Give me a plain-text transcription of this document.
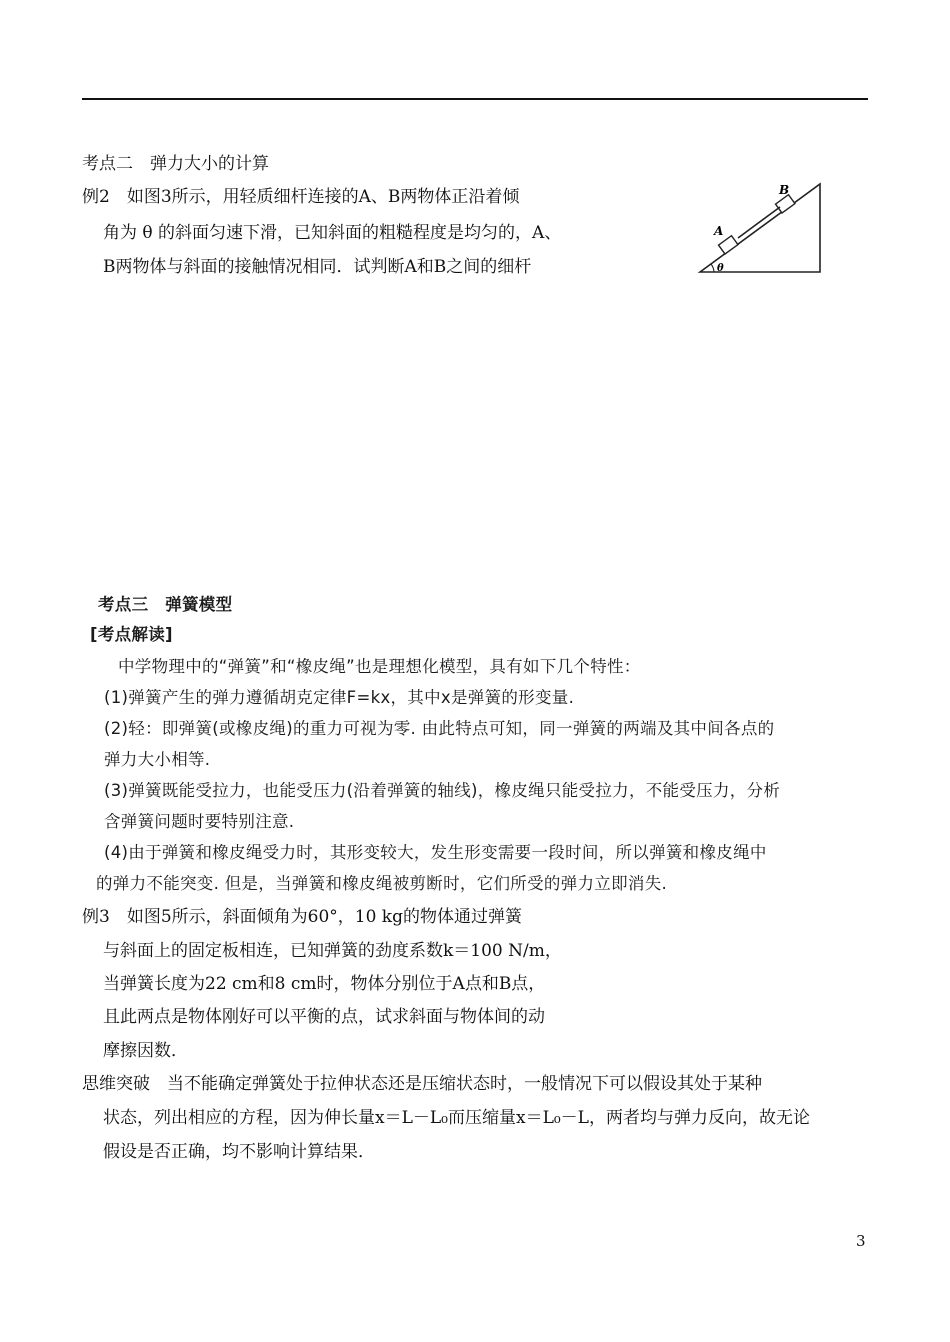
考点二　弹力大小的计算
例2　如图3所示，用轻质细杆连接的A、B两物体正沿着倾
角为 θ 的斜面匀速下滑，已知斜面的粗糙程度是均匀的，A、
B两物体与斜面的接触情况相同．试判断A和B之间的细杆
A
B
θ
考点三　弹簧模型
[考点解读]
中学物理中的“弹簧”和“橡皮绳”也是理想化模型，具有如下几个特性：
(1)弹簧产生的弹力遵循胡克定律F=kx，其中x是弹簧的形变量.
(2)轻：即弹簧(或橡皮绳)的重力可视为零. 由此特点可知，同一弹簧的两端及其中间各点的
弹力大小相等.
(3)弹簧既能受拉力，也能受压力(沿着弹簧的轴线)，橡皮绳只能受拉力，不能受压力，分析
含弹簧问题时要特别注意.
(4)由于弹簧和橡皮绳受力时，其形变较大，发生形变需要一段时间，所以弹簧和橡皮绳中
的弹力不能突变. 但是，当弹簧和橡皮绳被剪断时，它们所受的弹力立即消失.
例3　如图5所示，斜面倾角为60°，10 kg的物体通过弹簧
与斜面上的固定板相连，已知弹簧的劲度系数k＝100 N/m，
当弹簧长度为22 cm和8 cm时，物体分别位于A点和B点，
且此两点是物体刚好可以平衡的点，试求斜面与物体间的动
摩擦因数．
思维突破　当不能确定弹簧处于拉伸状态还是压缩状态时，一般情况下可以假设其处于某种
状态，列出相应的方程，因为伸长量x＝L－L₀而压缩量x＝L₀－L，两者均与弹力反向，故无论
假设是否正确，均不影响计算结果．
3
